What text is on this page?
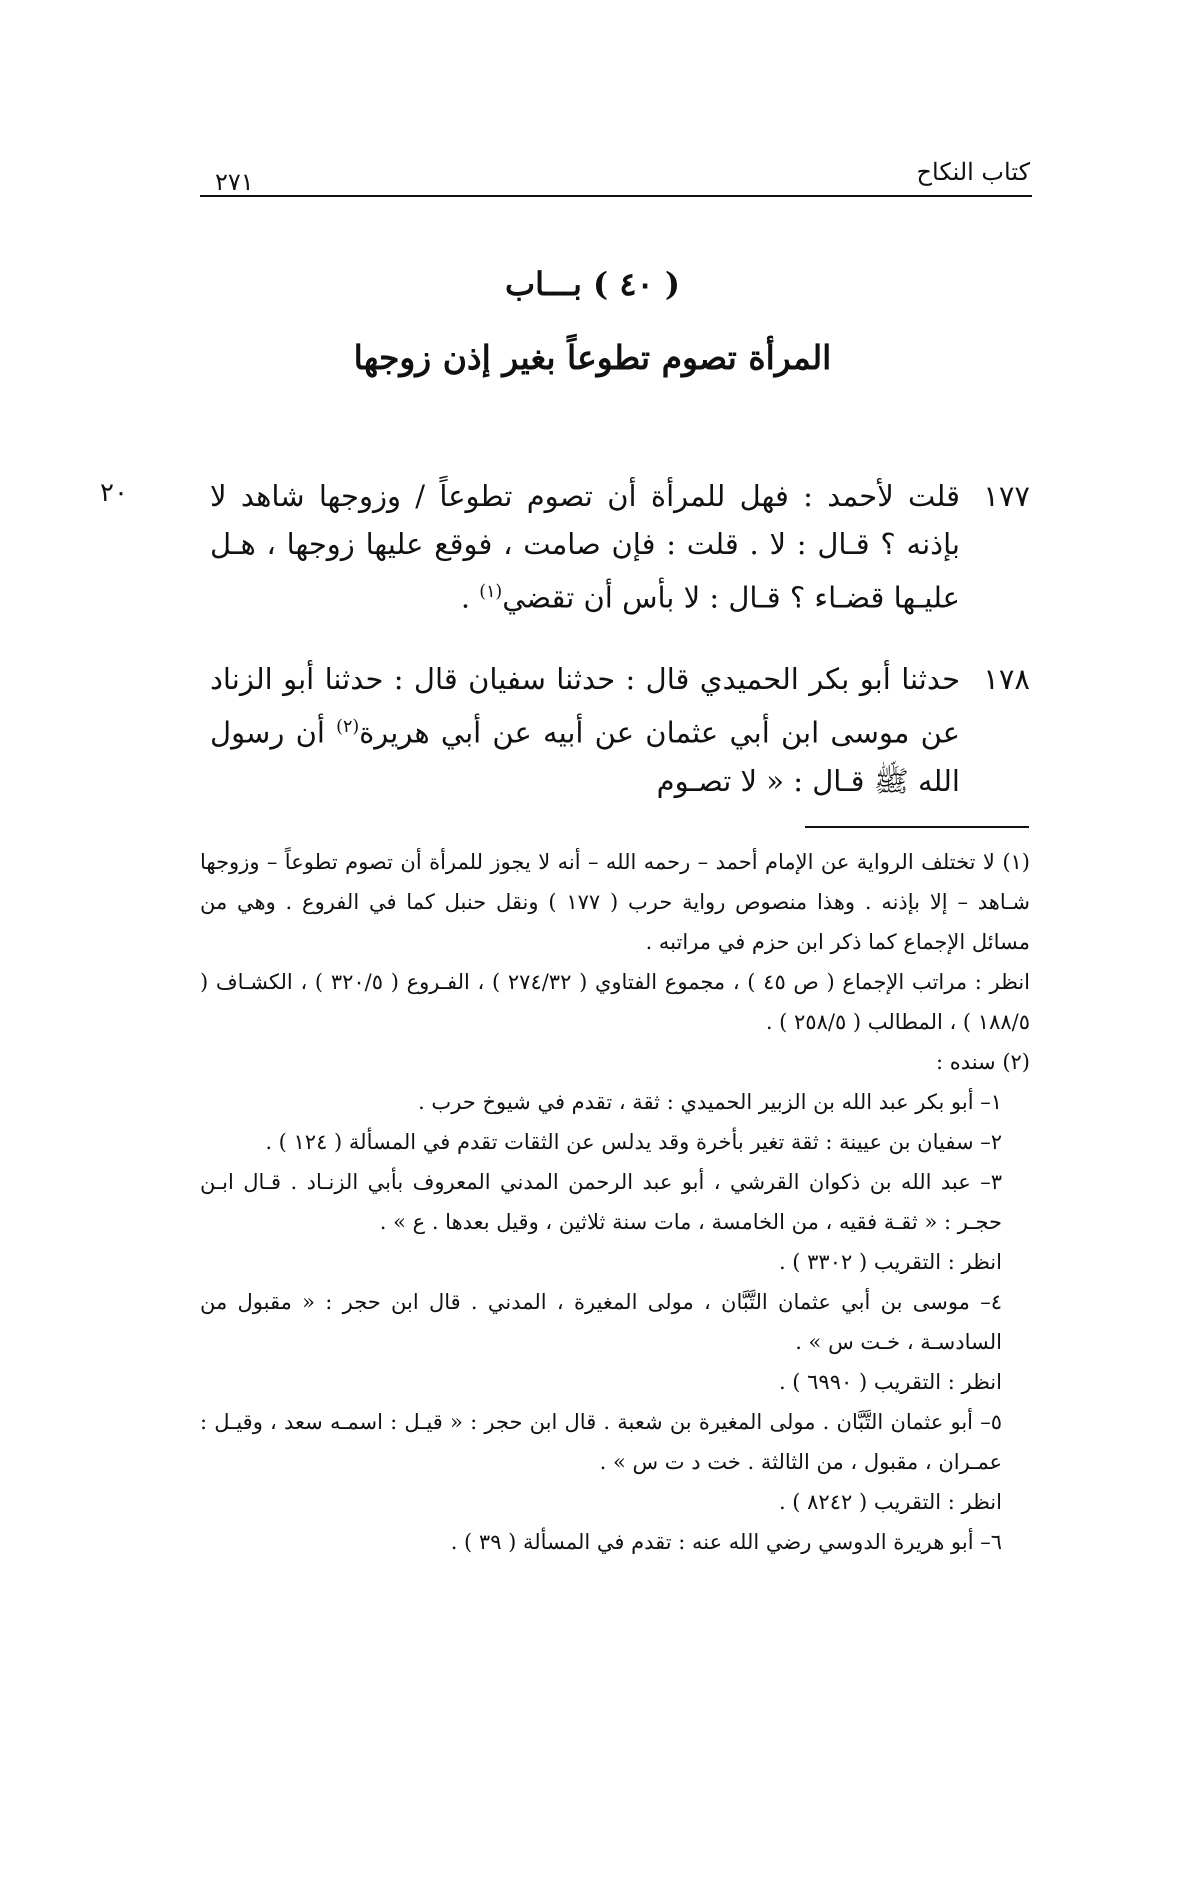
كتاب النكاح
٢٧١
( ٤٠ ) بـــاب
المرأة تصوم تطوعاً بغير إذن زوجها
٢٠	١٧٧
قلت لأحمد : فهل للمرأة أن تصوم تطوعاً / وزوجها شاهد لا بإذنه ؟ قـال : لا . قلت : فإن صامت ، فوقع عليها زوجها ، هـل عليـها قضـاء ؟ قـال : لا بأس أن تقضي$^{(١)}$ .
١٧٨
حدثنا أبو بكر الحميدي قال : حدثنا سفيان قال : حدثنا أبو الزناد عن موسى ابن أبي عثمان عن أبيه عن أبي هريرة$^{(٢)}$ أن رسول الله ﷺ قـال : « لا تصـوم

(١) لا تختلف الرواية عن الإمام أحمد – رحمه الله – أنه لا يجوز للمرأة أن تصوم تطوعاً – وزوجها شـاهد – إلا بإذنه . وهذا منصوص رواية حرب ( ١٧٧ ) ونقل حنبل كما في الفروع . وهي من مسائل الإجماع كما ذكر ابن حزم في مراتبه .

انظر : مراتب الإجماع ( ص ٤٥ ) ، مجموع الفتاوي ( ٢٧٤/٣٢ ) ، الفـروع ( ٣٢٠/٥ ) ، الكشـاف ( ١٨٨/٥ ) ، المطالب ( ٢٥٨/٥ ) .

(٢) سنده :

١– أبو بكر عبد الله بن الزبير الحميدي : ثقة ، تقدم في شيوخ حرب .

٢– سفيان بن عيينة : ثقة تغير بأخرة وقد يدلس عن الثقات تقدم في المسألة ( ١٢٤ ) .

٣– عبد الله بن ذكوان القرشي ، أبو عبد الرحمن المدني المعروف بأبي الزنـاد . قـال ابـن حجـر : « ثقـة فقيه ، من الخامسة ، مات سنة ثلاثين ، وقيل بعدها . ع » .

انظر : التقريب ( ٣٣٠٢ ) .

٤– موسى بن أبي عثمان التَّبَّان ، مولى المغيرة ، المدني . قال ابن حجر : « مقبول من السادسـة ، خـت س » .

انظر : التقريب ( ٦٩٩٠ ) .

٥– أبو عثمان التَّبَّان . مولى المغيرة بن شعبة . قال ابن حجر : « قيـل : اسمـه سعد ، وقيـل : عمـران ، مقبول ، من الثالثة . خت د ت س » .

انظر : التقريب ( ٨٢٤٢ ) .

٦– أبو هريرة الدوسي رضي الله عنه : تقدم في المسألة ( ٣٩ ) .
